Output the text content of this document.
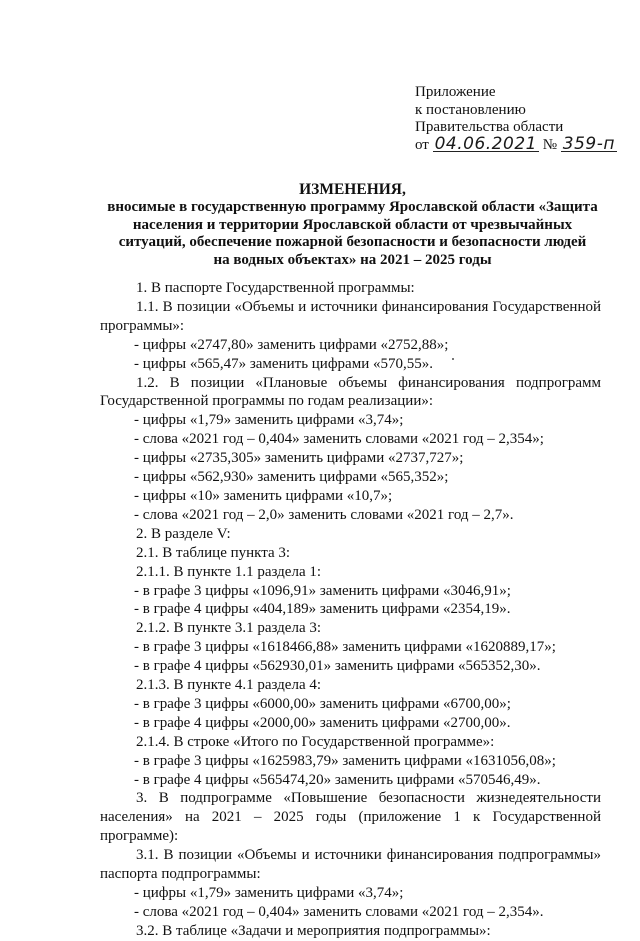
Приложение
к постановлению
Правительства области
от 04.06.2021 № 359-п
ИЗМЕНЕНИЯ,
вносимые в государственную программу Ярославской области «Защита
населения и территории Ярославской области от чрезвычайных
ситуаций, обеспечение пожарной безопасности и безопасности людей
на водных объектах» на 2021 – 2025 годы
1. В паспорте Государственной программы:
1.1. В позиции «Объемы и источники финансирования Государственной программы»:
- цифры «2747,80» заменить цифрами «2752,88»;
- цифры «565,47» заменить цифрами «570,55».
1.2. В позиции «Плановые объемы финансирования подпрограмм Государственной программы по годам реализации»:
- цифры «1,79» заменить цифрами «3,74»;
- слова «2021 год – 0,404» заменить словами «2021 год – 2,354»;
- цифры «2735,305» заменить цифрами «2737,727»;
- цифры «562,930» заменить цифрами «565,352»;
- цифры «10» заменить цифрами «10,7»;
- слова «2021 год – 2,0» заменить словами «2021 год – 2,7».
2. В разделе V:
2.1. В таблице пункта 3:
2.1.1. В пункте 1.1 раздела 1:
- в графе 3 цифры «1096,91» заменить цифрами «3046,91»;
- в графе 4 цифры «404,189» заменить цифрами «2354,19».
2.1.2. В пункте 3.1 раздела 3:
- в графе 3 цифры «1618466,88» заменить цифрами «1620889,17»;
- в графе 4 цифры «562930,01» заменить цифрами «565352,30».
2.1.3. В пункте 4.1 раздела 4:
- в графе 3 цифры «6000,00» заменить цифрами «6700,00»;
- в графе 4 цифры «2000,00» заменить цифрами «2700,00».
2.1.4. В строке «Итого по Государственной программе»:
- в графе 3 цифры «1625983,79» заменить цифрами «1631056,08»;
- в графе 4 цифры «565474,20» заменить цифрами «570546,49».
3. В подпрограмме «Повышение безопасности жизнедеятельности населения» на 2021 – 2025 годы (приложение 1 к Государственной программе):
3.1. В позиции «Объемы и источники финансирования подпрограммы» паспорта подпрограммы:
- цифры «1,79» заменить цифрами «3,74»;
- слова «2021 год – 0,404» заменить словами «2021 год – 2,354».
3.2. В таблице «Задачи и мероприятия подпрограммы»:
